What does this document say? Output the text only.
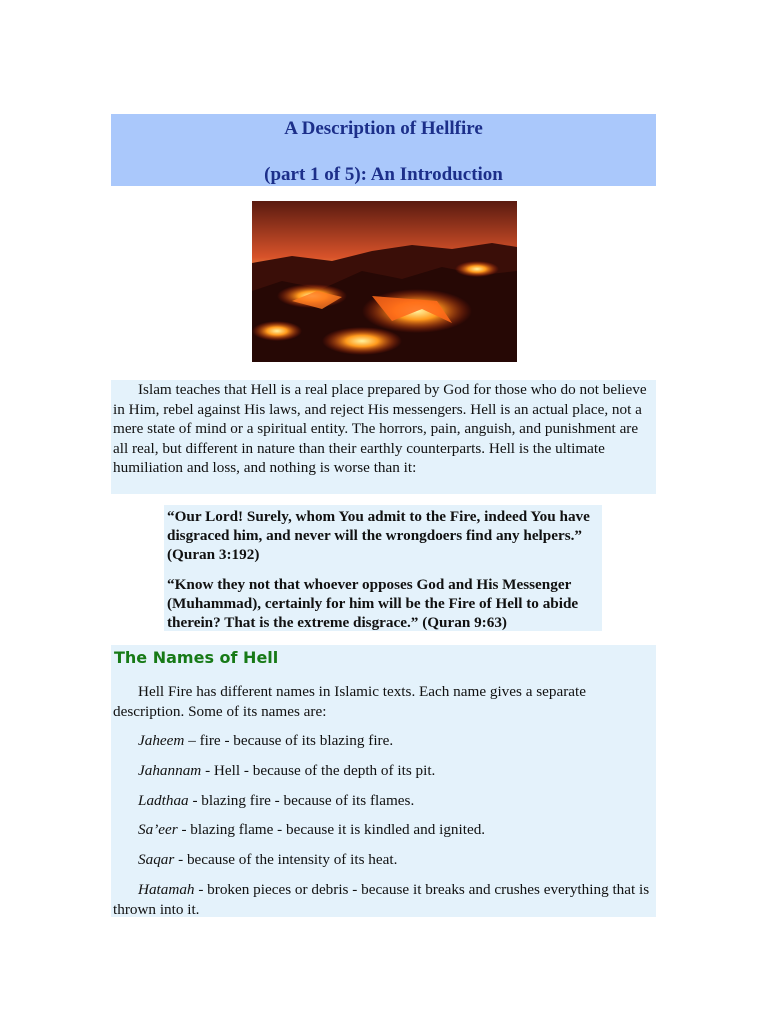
A Description of Hellfire
(part 1 of 5): An Introduction

Islam teaches that Hell is a real place prepared by God for those who do not believe in Him, rebel against His laws, and reject His messengers. Hell is an actual place, not a mere state of mind or a spiritual entity. The horrors, pain, anguish, and punishment are all real, but different in nature than their earthly counterparts. Hell is the ultimate humiliation and loss, and nothing is worse than it:

“Our Lord! Surely, whom You admit to the Fire, indeed You have disgraced him, and never will the wrongdoers find any helpers.” (Quran 3:192)

“Know they not that whoever opposes God and His Messenger (Muhammad), certainly for him will be the Fire of Hell to abide therein? That is the extreme disgrace.” (Quran 9:63)

The Names of Hell

Hell Fire has different names in Islamic texts. Each name gives a separate description. Some of its names are:

Jaheem – fire - because of its blazing fire.

Jahannam - Hell - because of the depth of its pit.

Ladthaa - blazing fire - because of its flames.

Sa’eer - blazing flame - because it is kindled and ignited.

Saqar - because of the intensity of its heat.

Hatamah - broken pieces or debris - because it breaks and crushes everything that is thrown into it.
